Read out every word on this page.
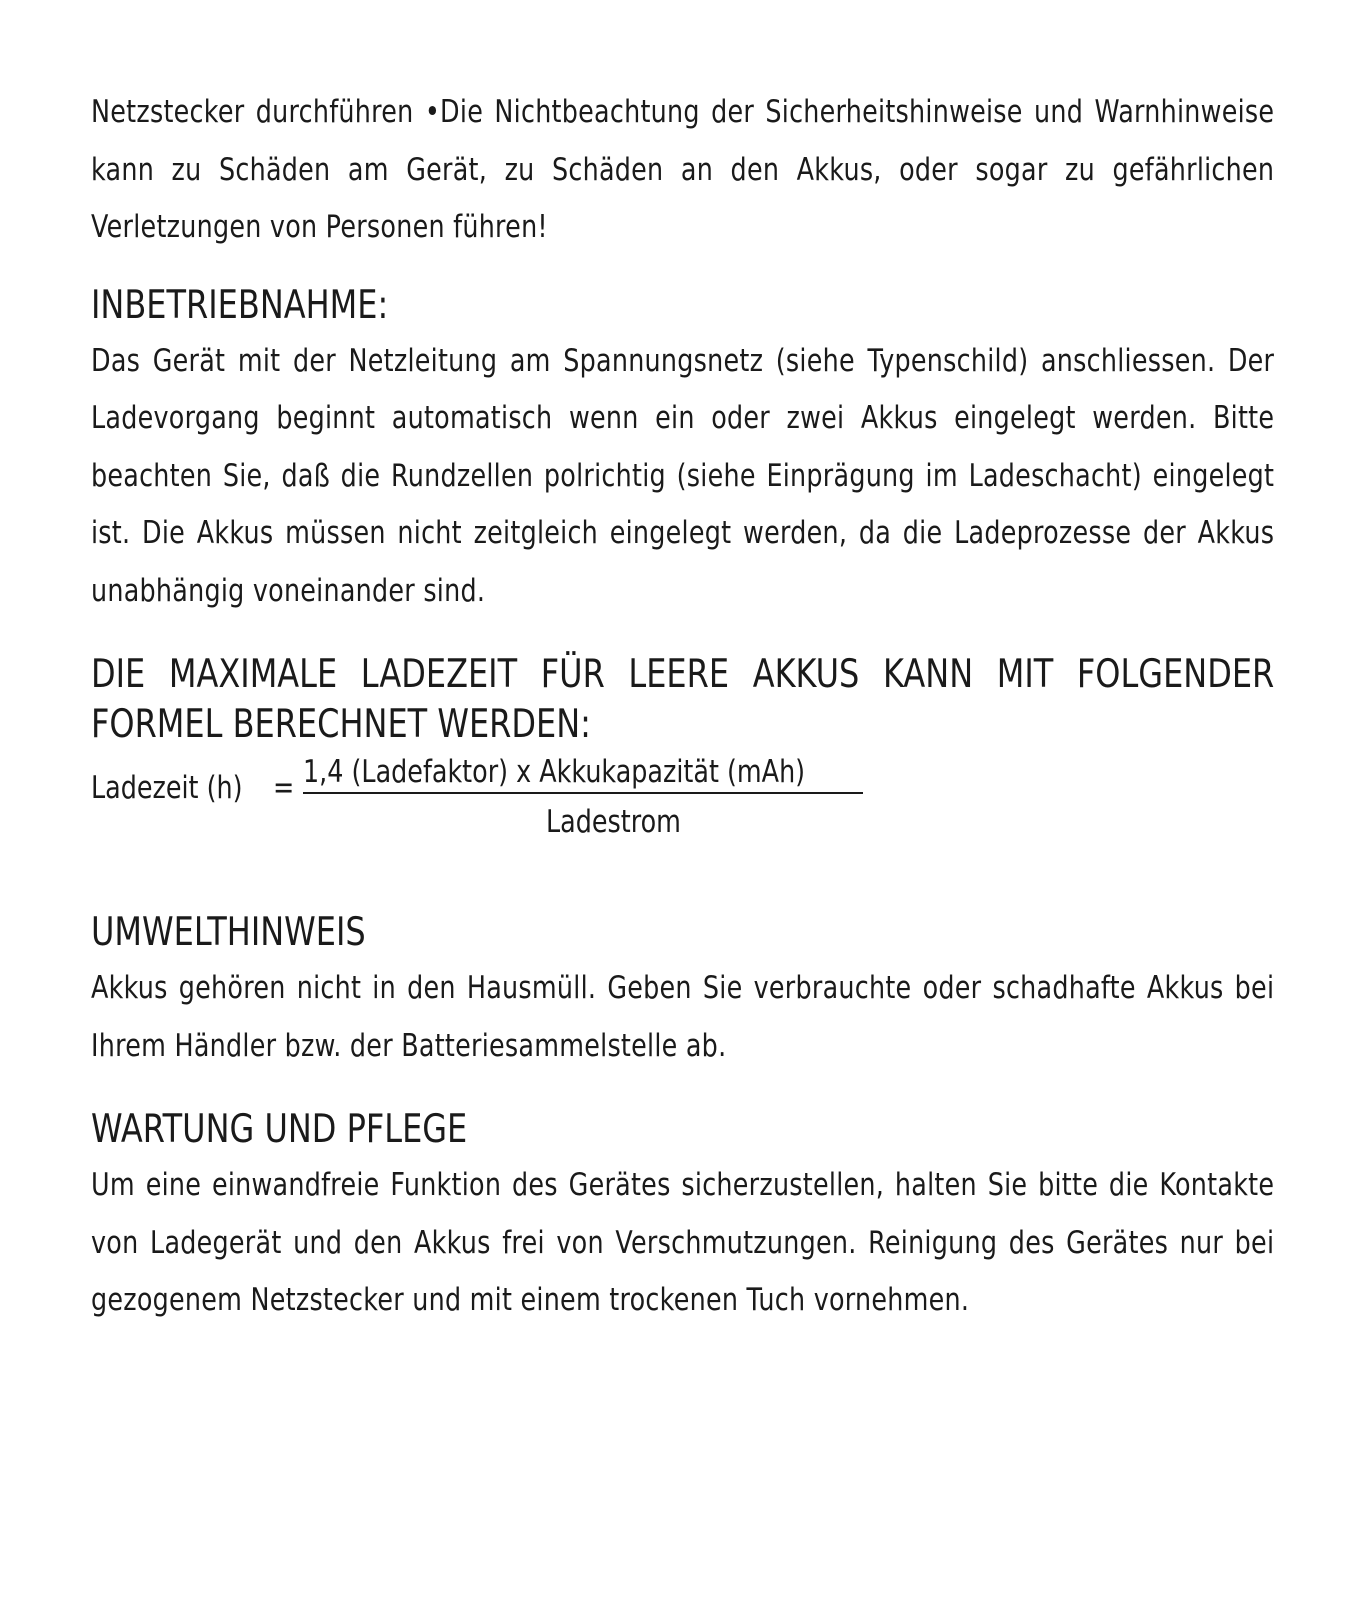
Netzstecker durchführen •Die Nichtbeachtung der Sicherheitshinweise und Warnhinweise kann zu Schäden am Gerät, zu Schäden an den Akkus, oder sogar zu gefährlichen Verletzungen von Personen führen!

INBETRIEBNAHME:

Das Gerät mit der Netzleitung am Spannungsnetz (siehe Typenschild) anschliessen. Der Ladevorgang beginnt automatisch wenn ein oder zwei Akkus eingelegt werden. Bitte beachten Sie, daß die Rundzellen polrichtig (siehe Einprägung im Ladeschacht) eingelegt ist. Die Akkus müssen nicht zeitgleich eingelegt werden, da die Ladeprozesse der Akkus unabhängig voneinander sind.

DIE MAXIMALE LADEZEIT FÜR LEERE AKKUS KANN MIT FOLGENDER FORMEL BERECHNET WERDEN:
Ladezeit (h) = 1,4 (Ladefaktor) x Akkukapazität (mAh)
Ladestrom
UMWELTHINWEIS

Akkus gehören nicht in den Hausmüll. Geben Sie verbrauchte oder schadhafte Akkus bei Ihrem Händler bzw. der Batteriesammelstelle ab.

WARTUNG UND PFLEGE

Um eine einwandfreie Funktion des Gerätes sicherzustellen, halten Sie bitte die Kontakte von Ladegerät und den Akkus frei von Verschmutzungen. Reinigung des Gerätes nur bei gezogenem Netzstecker und mit einem trockenen Tuch vornehmen.
